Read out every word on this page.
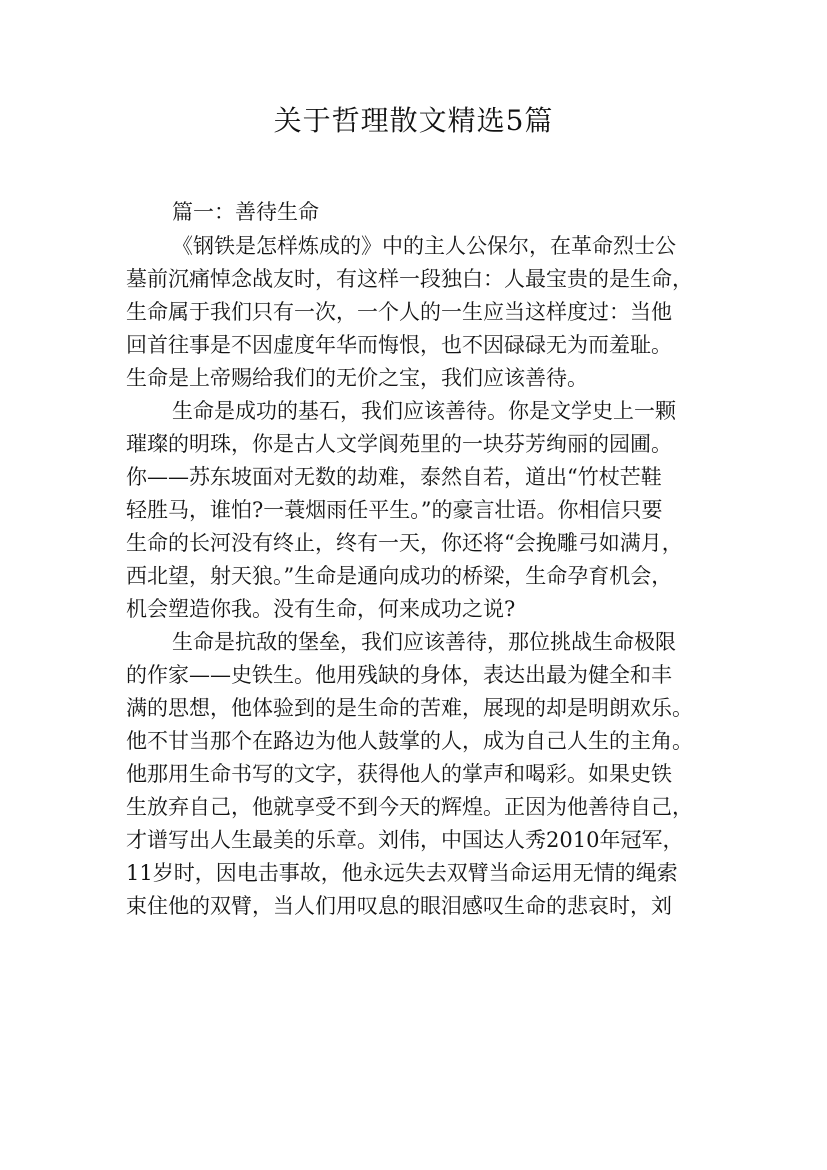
关于哲理散文精选5篇

篇一：善待生命

《钢铁是怎样炼成的》中的主人公保尔，在革命烈士公

墓前沉痛悼念战友时，有这样一段独白：人最宝贵的是生命，

生命属于我们只有一次，一个人的一生应当这样度过：当他

回首往事是不因虚度年华而悔恨，也不因碌碌无为而羞耻。

生命是上帝赐给我们的无价之宝，我们应该善待。

生命是成功的基石，我们应该善待。你是文学史上一颗

璀璨的明珠，你是古人文学阆苑里的一块芬芳绚丽的园圃。

你——苏东坡面对无数的劫难，泰然自若，道出“竹杖芒鞋

轻胜马，谁怕?一蓑烟雨任平生。”的豪言壮语。你相信只要

生命的长河没有终止，终有一天，你还将“会挽雕弓如满月，

西北望，射天狼。”生命是通向成功的桥梁，生命孕育机会，

机会塑造你我。没有生命，何来成功之说?

生命是抗敌的堡垒，我们应该善待，那位挑战生命极限

的作家——史铁生。他用残缺的身体，表达出最为健全和丰

满的思想，他体验到的是生命的苦难，展现的却是明朗欢乐。

他不甘当那个在路边为他人鼓掌的人，成为自己人生的主角。

他那用生命书写的文字，获得他人的掌声和喝彩。如果史铁

生放弃自己，他就享受不到今天的辉煌。正因为他善待自己，

才谱写出人生最美的乐章。刘伟，中国达人秀2010年冠军，

11岁时，因电击事故，他永远失去双臂当命运用无情的绳索

束住他的双臂，当人们用叹息的眼泪感叹生命的悲哀时，刘
